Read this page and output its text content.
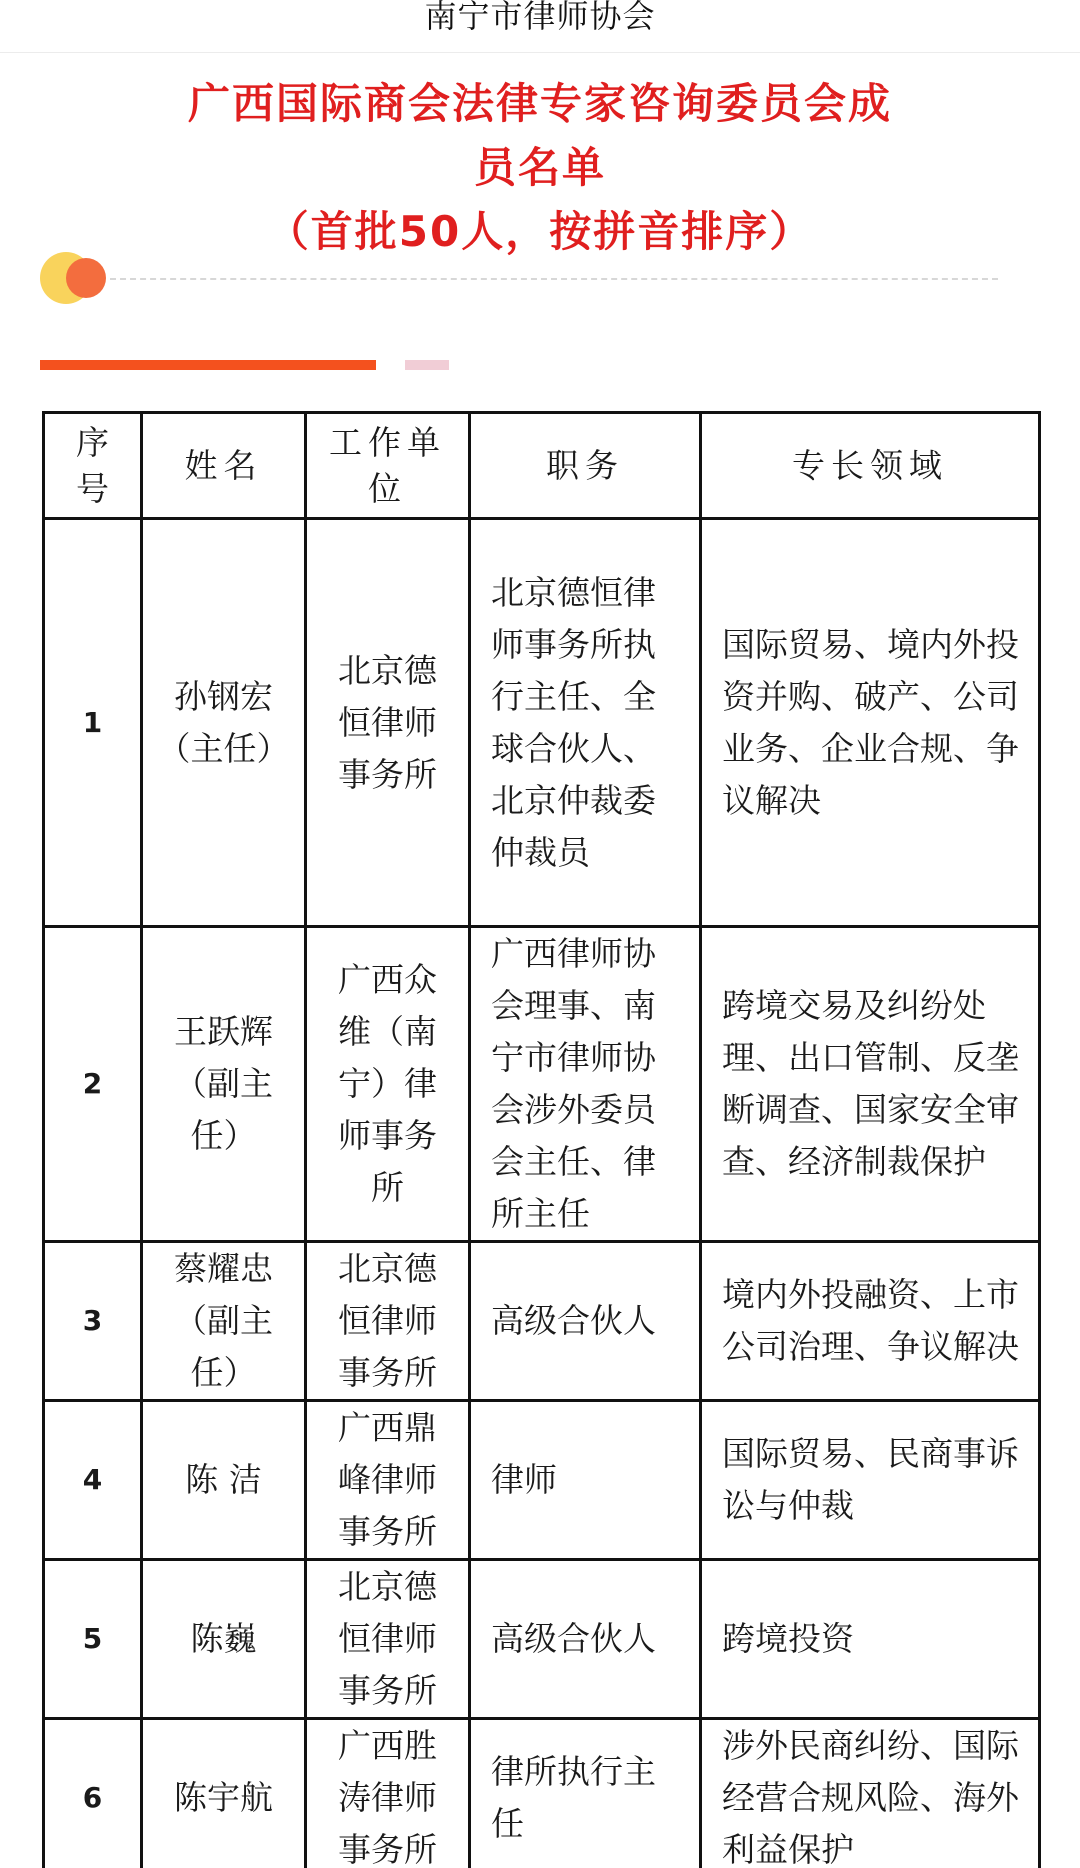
南宁市律师协会
广西国际商会法律专家咨询委员会成
员名单
（首批50人，按拼音排序）
序号	姓名	工作单位	职务	专长领域
1	孙钢宏（主任）	北京德恒律师事务所	北京德恒律师事务所执行主任、全球合伙人、北京仲裁委仲裁员	国际贸易、境内外投资并购、破产、公司业务、企业合规、争议解决
2	王跃辉（副主任）	广西众维（南宁）律师事务所	广西律师协会理事、南宁市律师协会涉外委员会主任、律所主任	跨境交易及纠纷处理、出口管制、反垄断调查、国家安全审查、经济制裁保护
3	蔡耀忠（副主任）	北京德恒律师事务所	高级合伙人	境内外投融资、上市公司治理、争议解决
4	陈 洁	广西鼎峰律师事务所	律师	国际贸易、民商事诉讼与仲裁
5	陈巍	北京德恒律师事务所	高级合伙人	跨境投资
6	陈宇航	广西胜涛律师事务所	律所执行主任	涉外民商纠纷、国际经营合规风险、海外利益保护
